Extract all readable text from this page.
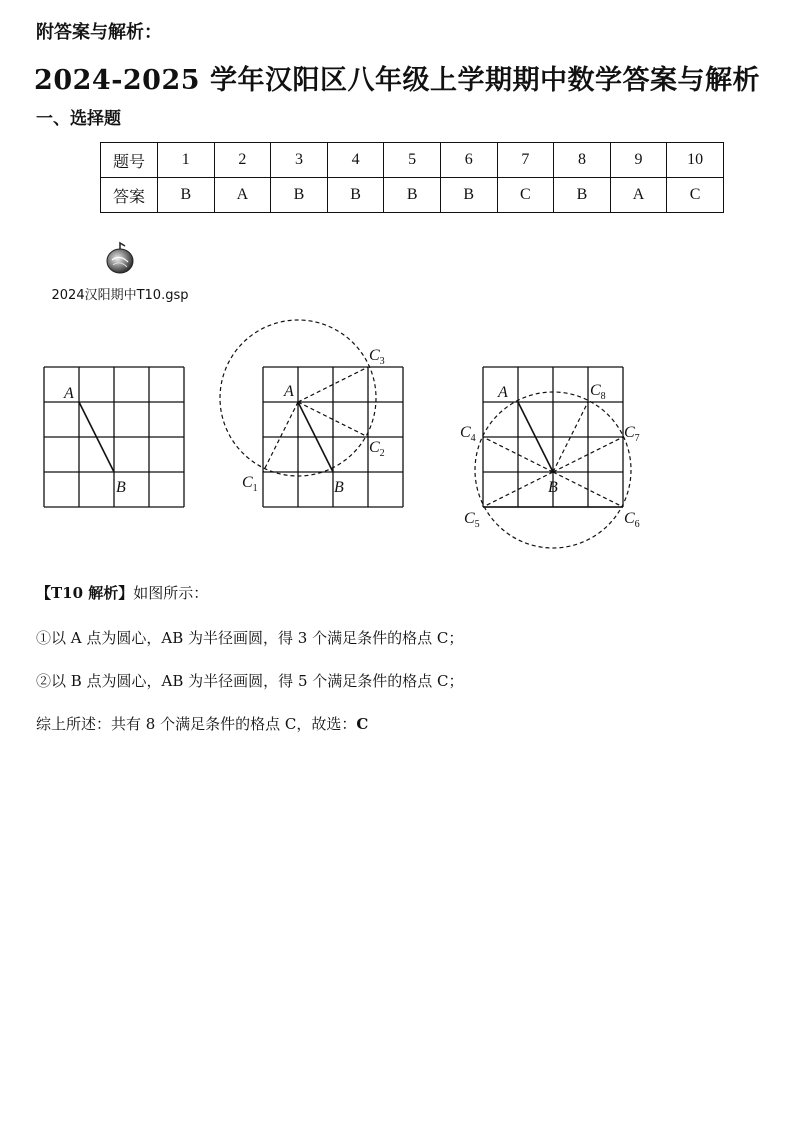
附答案与解析：
2024-2025 学年汉阳区八年级上学期期中数学答案与解析
一、选择题
题号	1	2	3	4	5	6	7	8	9	10
答案	B	A	B	B	B	B	C	B	A	C
2024汉阳期中T10.gsp
A
B
A
B
$C_1$
$C_2$
$C_3$
A
B
$C_4$
$C_5$	$C_6$
$C_7$
$C_8$
【T10 解析】如图所示：
①以 A 点为圆心，AB 为半径画圆，得 3 个满足条件的格点 C；
②以 B 点为圆心，AB 为半径画圆，得 5 个满足条件的格点 C；
综上所述：共有 8 个满足条件的格点 C，故选：C
